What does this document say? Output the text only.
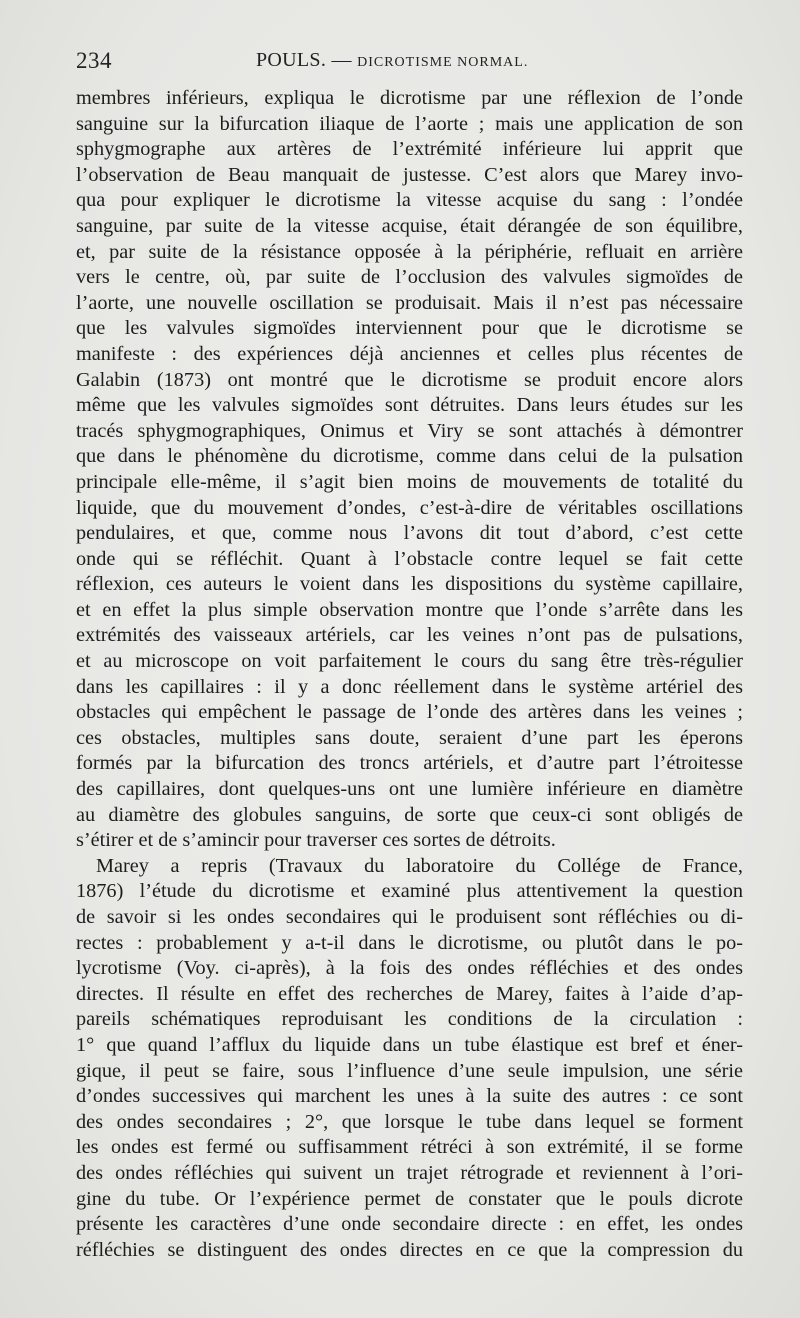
234	POULS. — DICROTISME NORMAL.
membres inférieurs, expliqua le dicrotisme par une réflexion de l’onde
sanguine sur la bifurcation iliaque de l’aorte ; mais une application de son
sphygmographe aux artères de l’extrémité inférieure lui apprit que
l’observation de Beau manquait de justesse. C’est alors que Marey invo-
qua pour expliquer le dicrotisme la vitesse acquise du sang : l’ondée
sanguine, par suite de la vitesse acquise, était dérangée de son équilibre,
et, par suite de la résistance opposée à la périphérie, refluait en arrière
vers le centre, où, par suite de l’occlusion des valvules sigmoïdes de
l’aorte, une nouvelle oscillation se produisait. Mais il n’est pas nécessaire
que les valvules sigmoïdes interviennent pour que le dicrotisme se
manifeste : des expériences déjà anciennes et celles plus récentes de
Galabin (1873) ont montré que le dicrotisme se produit encore alors
même que les valvules sigmoïdes sont détruites. Dans leurs études sur les
tracés sphygmographiques, Onimus et Viry se sont attachés à démontrer
que dans le phénomène du dicrotisme, comme dans celui de la pulsation
principale elle-même, il s’agit bien moins de mouvements de totalité du
liquide, que du mouvement d’ondes, c’est-à-dire de véritables oscillations
pendulaires, et que, comme nous l’avons dit tout d’abord, c’est cette
onde qui se réfléchit. Quant à l’obstacle contre lequel se fait cette
réflexion, ces auteurs le voient dans les dispositions du système capillaire,
et en effet la plus simple observation montre que l’onde s’arrête dans les
extrémités des vaisseaux artériels, car les veines n’ont pas de pulsations,
et au microscope on voit parfaitement le cours du sang être très-régulier
dans les capillaires : il y a donc réellement dans le système artériel des
obstacles qui empêchent le passage de l’onde des artères dans les veines ;
ces obstacles, multiples sans doute, seraient d’une part les éperons
formés par la bifurcation des troncs artériels, et d’autre part l’étroitesse
des capillaires, dont quelques-uns ont une lumière inférieure en diamètre
au diamètre des globules sanguins, de sorte que ceux-ci sont obligés de
s’étirer et de s’amincir pour traverser ces sortes de détroits.
Marey a repris (Travaux du laboratoire du Collége de France,
1876) l’étude du dicrotisme et examiné plus attentivement la question
de savoir si les ondes secondaires qui le produisent sont réfléchies ou di-
rectes : probablement y a-t-il dans le dicrotisme, ou plutôt dans le po-
lycrotisme (Voy. ci-après), à la fois des ondes réfléchies et des ondes
directes. Il résulte en effet des recherches de Marey, faites à l’aide d’ap-
pareils schématiques reproduisant les conditions de la circulation :
1° que quand l’afflux du liquide dans un tube élastique est bref et éner-
gique, il peut se faire, sous l’influence d’une seule impulsion, une série
d’ondes successives qui marchent les unes à la suite des autres : ce sont
des ondes secondaires ; 2°, que lorsque le tube dans lequel se forment
les ondes est fermé ou suffisamment rétréci à son extrémité, il se forme
des ondes réfléchies qui suivent un trajet rétrograde et reviennent à l’ori-
gine du tube. Or l’expérience permet de constater que le pouls dicrote
présente les caractères d’une onde secondaire directe : en effet, les ondes
réfléchies se distinguent des ondes directes en ce que la compression du
